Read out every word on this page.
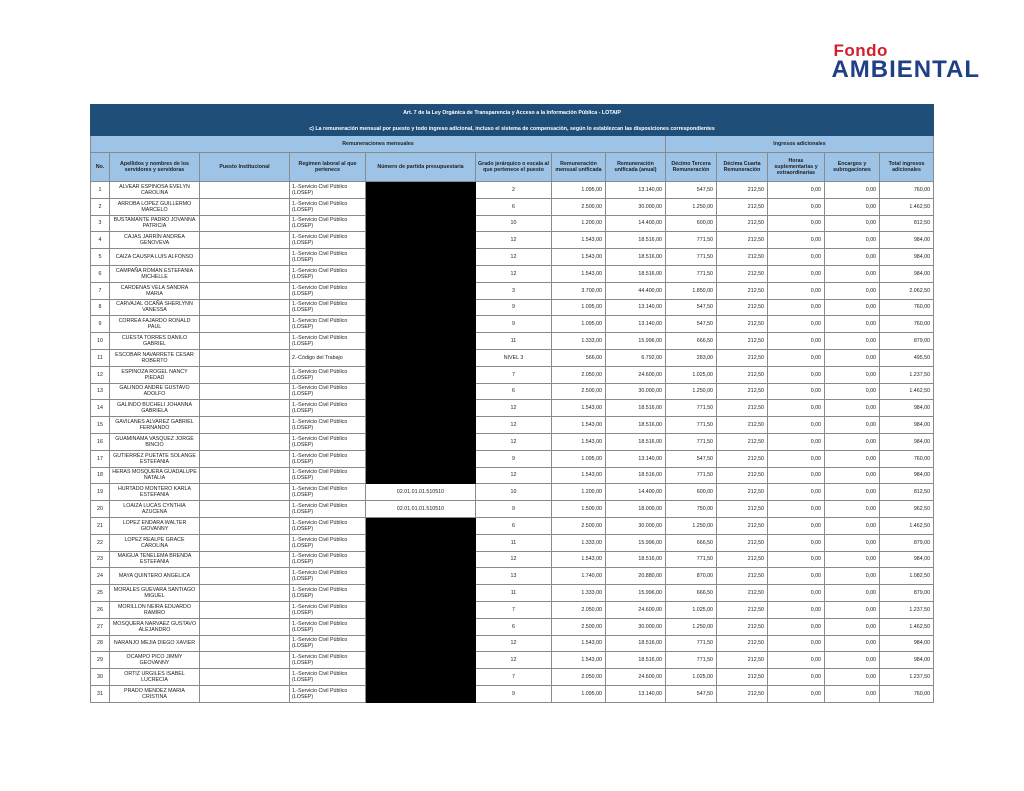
Fondo
AMBIENTAL
Art. 7 de la Ley Orgánica de Transparencia y Acceso a la Información Pública - LOTAIP												
c) La remuneración mensual por puesto y todo ingreso adicional, incluso el sistema de compensación, según lo establezcan las disposiciones correspondientes												
Remuneraciones mensuales								Ingresos adicionales				
No.	Apellidos y nombres de los servidores y servidoras	Puesto Institucional	Regimen laboral al que pertenece	Número de partida presupuestaria	Grado jerárquico o escala al que pertenece el puesto	Remuneración mensual unificada	Remuneración unificada (anual)	Décimo Tercera Remuneración	Décima Cuarta Remuneración	Horas suplementarias y extraordinarias	Encargos y subrogaciones	Total ingresos adicionales
1	ALVEAR ESPINOSA EVELYN CAROLINA		1.-Servicio Civil Público (LOSEP)		2	1.095,00	13.140,00	547,50	212,50	0,00	0,00	760,00
2	ARROBA LOPEZ GUILLERMO MARCELO		1.-Servicio Civil Público (LOSEP)		6	2.500,00	30.000,00	1.250,00	212,50	0,00	0,00	1.462,50
3	BUSTAMANTE PADRO JOVANNA PATRICIA		1.-Servicio Civil Público (LOSEP)		10	1.200,00	14.400,00	600,00	212,50	0,00	0,00	812,50
4	CAJAS JARRÍN ANDREA GENOVEVA		1.-Servicio Civil Público (LOSEP)		12	1.543,00	18.516,00	771,50	212,50	0,00	0,00	984,00
5	CAIZA CAUSPA LUIS ALFONSO		1.-Servicio Civil Público (LOSEP)		12	1.543,00	18.516,00	771,50	212,50	0,00	0,00	984,00
6	CAMPAÑA ROMAN ESTEFANIA MICHELLE		1.-Servicio Civil Público (LOSEP)		12	1.543,00	18.516,00	771,50	212,50	0,00	0,00	984,00
7	CARDENAS VELA SANDRA MARIA		1.-Servicio Civil Público (LOSEP)		3	3.700,00	44.400,00	1.850,00	212,50	0,00	0,00	2.062,50
8	CARVAJAL OCAÑA SHERLYNN VANESSA		1.-Servicio Civil Público (LOSEP)		9	1.095,00	13.140,00	547,50	212,50	0,00	0,00	760,00
9	CORREA FAJARDO RONALD PAUL		1.-Servicio Civil Público (LOSEP)		9	1.095,00	13.140,00	547,50	212,50	0,00	0,00	760,00
10	CUESTA TORRES DANILO GABRIEL		1.-Servicio Civil Público (LOSEP)		11	1.333,00	15.996,00	666,50	212,50	0,00	0,00	879,00
11	ESCOBAR NAVARRETE CESAR ROBERTO		2.-Código del Trabajo		NIVEL 3	566,00	6.792,00	283,00	212,50	0,00	0,00	495,50
12	ESPINOZA ROGEL NANCY PIEDAD		1.-Servicio Civil Público (LOSEP)		7	2.050,00	24.600,00	1.025,00	212,50	0,00	0,00	1.237,50
13	GALINDO ANDRE GUSTAVO ADOLFO		1.-Servicio Civil Público (LOSEP)		6	2.500,00	30.000,00	1.250,00	212,50	0,00	0,00	1.462,50
14	GALINDO BUCHELI JOHANNA GABRIELA		1.-Servicio Civil Público (LOSEP)		12	1.543,00	18.516,00	771,50	212,50	0,00	0,00	984,00
15	GAVILANES ALVAREZ GABRIEL FERNANDO		1.-Servicio Civil Público (LOSEP)		12	1.543,00	18.516,00	771,50	212,50	0,00	0,00	984,00
16	GUAMINAMA VASQUEZ JORGE BINCIO		1.-Servicio Civil Público (LOSEP)		12	1.543,00	18.516,00	771,50	212,50	0,00	0,00	984,00
17	GUTIERREZ PUETATE SOLANGE ESTEFANIA		1.-Servicio Civil Público (LOSEP)		9	1.095,00	13.140,00	547,50	212,50	0,00	0,00	760,00
18	HERAS MOSQUERA GUADALUPE NATALIA		1.-Servicio Civil Público (LOSEP)		12	1.543,00	18.516,00	771,50	212,50	0,00	0,00	984,00
19	HURTADO MONTERO KARLA ESTEFANIA		1.-Servicio Civil Público (LOSEP)	02.01.01.01.510510	10	1.200,00	14.400,00	600,00	212,50	0,00	0,00	812,50
20	LOAIZA LUCAS CYNTHIA AZUCENA		1.-Servicio Civil Público (LOSEP)	02.01.01.01.510510	9	1.500,00	18.000,00	750,00	212,50	0,00	0,00	962,50
21	LOPEZ ENDARA WALTER GIOVANNY		1.-Servicio Civil Público (LOSEP)		6	2.500,00	30.000,00	1.250,00	212,50	0,00	0,00	1.462,50
22	LOPEZ REALPE GRACE CAROLINA		1.-Servicio Civil Público (LOSEP)		11	1.333,00	15.996,00	666,50	212,50	0,00	0,00	879,00
23	MAIGUA TENELEMA BRENDA ESTEFANIA		1.-Servicio Civil Público (LOSEP)		12	1.543,00	18.516,00	771,50	212,50	0,00	0,00	984,00
24	MAYA QUINTERO ANGELICA		1.-Servicio Civil Público (LOSEP)		13	1.740,00	20.880,00	870,00	212,50	0,00	0,00	1.082,50
25	MORALES GUEVARA SANTIAGO MIGUEL		1.-Servicio Civil Público (LOSEP)		11	1.333,00	15.996,00	666,50	212,50	0,00	0,00	879,00
26	MORILLON NEIRA EDUARDO RAMIRO		1.-Servicio Civil Público (LOSEP)		7	2.050,00	24.600,00	1.025,00	212,50	0,00	0,00	1.237,50
27	MOSQUERA NARVAEZ GUSTAVO ALEJANDRO		1.-Servicio Civil Público (LOSEP)		6	2.500,00	30.000,00	1.250,00	212,50	0,00	0,00	1.462,50
28	NARANJO MEJIA DIEGO XAVIER		1.-Servicio Civil Público (LOSEP)		12	1.543,00	18.516,00	771,50	212,50	0,00	0,00	984,00
29	OCAMPO PICO JIMMY GEOVANNY		1.-Servicio Civil Público (LOSEP)		12	1.543,00	18.516,00	771,50	212,50	0,00	0,00	984,00
30	ORTIZ URGILES ISABEL LUCRECIA		1.-Servicio Civil Público (LOSEP)		7	2.050,00	24.600,00	1.025,00	212,50	0,00	0,00	1.237,50
31	PRADO MENDEZ MARIA CRISTINA		1.-Servicio Civil Público (LOSEP)		9	1.095,00	13.140,00	547,50	212,50	0,00	0,00	760,00
